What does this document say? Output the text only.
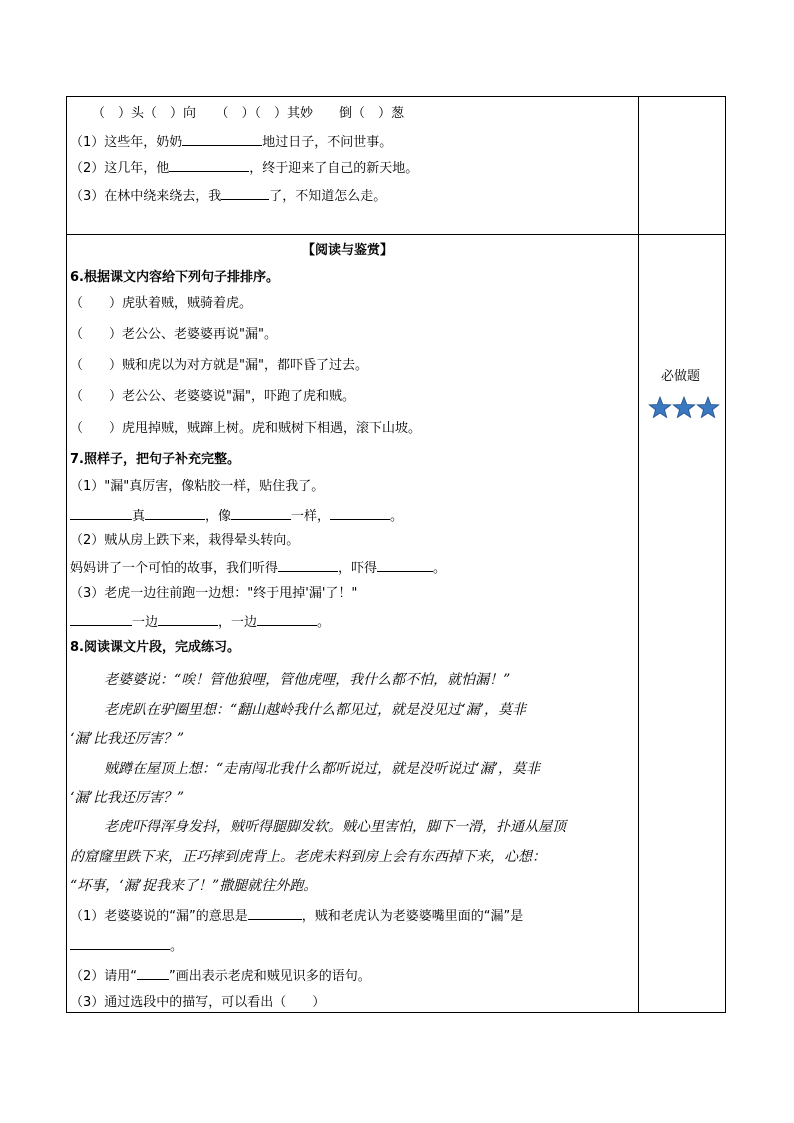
（　）头（　）向　　（　）（　）其妙　　倒（　）葱
（1）这些年，奶奶	地过日子，不问世事。
（2）这几年，他	，终于迎来了自己的新天地。
（3）在林中绕来绕去，我	了，不知道怎么走。
【阅读与鉴赏】
6.根据课文内容给下列句子排排序。
（　　）虎驮着贼，贼骑着虎。
（　　）老公公、老婆婆再说"漏"。
（　　）贼和虎以为对方就是"漏"，都吓昏了过去。
（　　）老公公、老婆婆说"漏"，吓跑了虎和贼。
（　　）虎甩掉贼，贼蹿上树。虎和贼树下相遇，滚下山坡。
必做题
7.照样子，把句子补充完整。
（1）"漏"真厉害，像粘胶一样，贴住我了。
真	，像	一样，	。
（2）贼从房上跌下来，栽得晕头转向。
妈妈讲了一个可怕的故事，我们听得	，吓得	。
（3）老虎一边往前跑一边想："终于甩掉'漏'了！"
一边	，一边	。
8.阅读课文片段，完成练习。
老婆婆说：“唉！管他狼哩，管他虎哩，我什么都不怕，就怕漏！”
老虎趴在驴圈里想：“翻山越岭我什么都见过，就是没见过‘漏’，莫非
‘漏’比我还厉害？”
贼蹲在屋顶上想：“走南闯北我什么都听说过，就是没听说过‘漏’，莫非
‘漏’比我还厉害？”
老虎吓得浑身发抖，贼听得腿脚发软。贼心里害怕，脚下一滑，扑通从屋顶
的窟窿里跌下来，正巧摔到虎背上。老虎未料到房上会有东西掉下来，心想：
“坏事，‘漏’捉我来了！”撒腿就往外跑。
（1）老婆婆说的“漏”的意思是	，贼和老虎认为老婆婆嘴里面的“漏”是
。
（2）请用“ ”画出表示老虎和贼见识多的语句。
（3）通过选段中的描写，可以看出（　　）
